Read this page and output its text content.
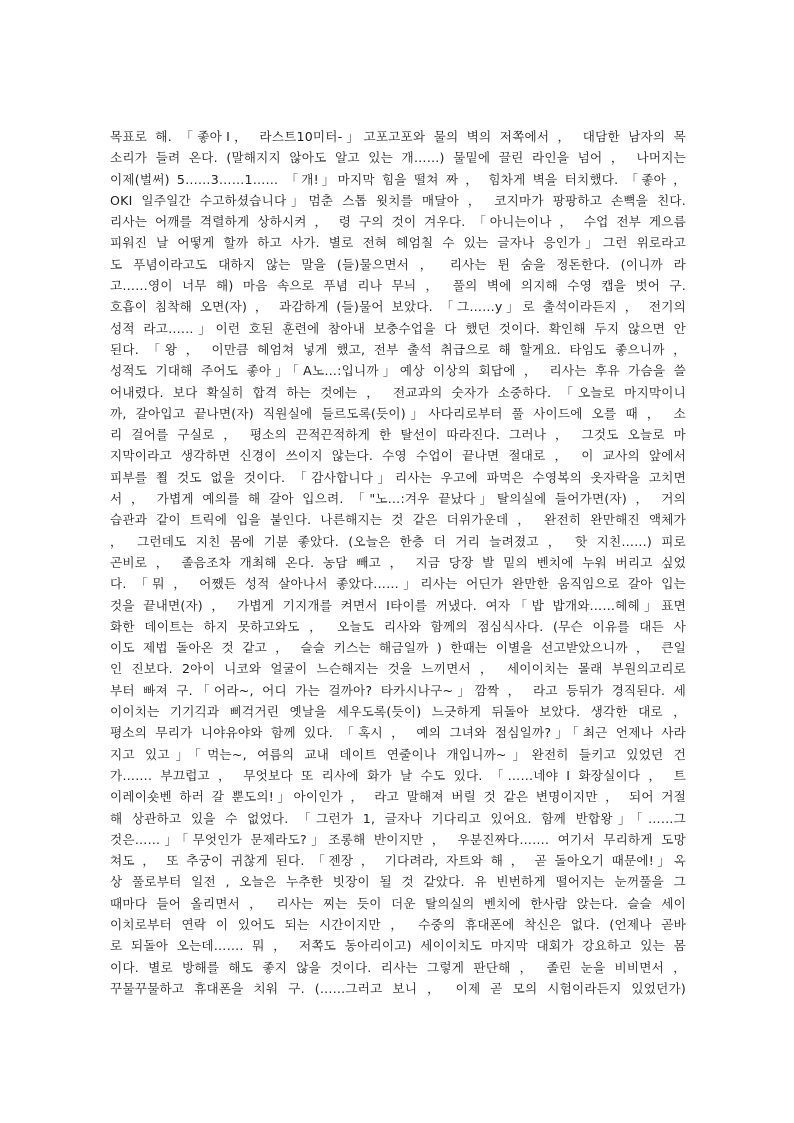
목표로 해. 「좋아Ⅰ， 라스트10미터-」고포고포와 물의 벽의 저쪽에서 ， 대담한 남자의 목
소리가 들려 온다. (말해지지 않아도 알고 있는 개……) 물밑에 끌린 라인을 넘어 ， 나머지는
이제(벌써) 5……3……1…… 「개!」마지막 힘을 떨쳐 짜 ， 힘차게 벽을 터치했다. 「좋아 ，
OKI 일주일간 수고하셨습니다」멈춘 스톱 윗치를 매달아 ， 코지마가 팡팡하고 손뼉을 친다.
리사는 어깨를 격렬하게 상하시켜 ， 령 구의 것이 겨우다. 「아니는이나 ， 수업 전부 게으름
피워진 날 어떻게 할까 하고 사가. 별로 전혀 헤엄칠 수 있는 글자나 응인가」그런 위로라고
도 푸념이라고도 대하지 않는 말을 (들)물으면서 ， 리사는 튄 숨을 정돈한다. (이니까 라
고……영이 너무 해) 마음 속으로 푸념 리나 무늬 ， 풀의 벽에 의지해 수영 캡을 벗어 구.
호흡이 침착해 오면(자) ， 과감하게 (들)물어 보았다. 「그……y」로 출석이라든지 ， 전기의
성적 라고……」이런 호된 훈련에 참아내 보충수업을 다 했던 것이다. 확인해 두지 않으면 안
된다. 「왕 ， 이만큼 헤엄쳐 넣게 했고, 전부 출석 취급으로 해 할게요. 타임도 좋으니까 ，
성적도 기대해 주어도 좋아」「A노…:입니까」예상 이상의 회답에 ， 리사는 후유 가슴을 쓸
어내렸다. 보다 확실히 합격 하는 것에는 ， 전교과의 숫자가 소중하다. 「오늘로 마지막이니
까, 갈아입고 끝나면(자) 직원실에 들르도록(듯이)」사다리로부터 풀 사이드에 오를 때 ， 소
리 걸어를 구실로 ， 평소의 끈적끈적하게 한 탈선이 따라진다. 그러나 ， 그것도 오늘로 마
지막이라고 생각하면 신경이 쓰이지 않는다. 수영 수업이 끝나면 절대로 ， 이 교사의 앞에서
피부를 쬘 것도 없을 것이다. 「감사합니다」리사는 우고에 파먹은 수영복의 옷자락을 고치면
서 ， 가볍게 예의를 해 갈아 입으려. 「"노…:겨우 끝났다」탈의실에 들어가면(자) ， 거의
습관과 같이 트릭에 입을 붙인다. 나른해지는 것 같은 더위가운데 ， 완전히 완만해진 액체가
， 그런데도 지친 몸에 기분 좋았다. (오늘은 한층 더 거리 늘려졌고 ， 핫 지친……) 피로
곤비로 ， 졸음조차 개최해 온다. 농담 빼고 ， 지금 당장 발 밑의 벤치에 누워 버리고 싶었
다. 「뭐 ， 어쨌든 성적 살아나서 좋았다……」리사는 어딘가 완만한 움직임으로 갈아 입는
것을 끝내면(자) ， 가볍게 기지개를 켜면서 I타이를 꺼냈다. 여자「밥 밥개와……헤헤」표면
화한 데이트는 하지 못하고와도 ， 오늘도 리사와 함께의 점심식사다. (무슨 이유를 대든 사
이도 제법 돌아온 것 같고 ， 슬슬 키스는 해금일까 ) 한때는 이별을 선고받았으니까 ， 큰일
인 진보다. 2아이 니코와 얼굴이 느슨해지는 것을 느끼면서 ， 세이이치는 몰래 부원의고리로
부터 빠져 구.「어라~, 어디 가는 걸까아? 타카시나구~」깜짝 ， 라고 등뒤가 경직된다. 세
이이치는 기기긱과 삐걱거린 옛날을 세우도록(듯이) 느긋하게 뒤돌아 보았다. 생각한 대로 ，
평소의 무리가 니야유야와 함께 있다. 「혹시 ， 예의 그녀와 점심일까?」「최근 언제나 사라
지고 있고」「먹는~, 여름의 교내 데이트 연줄이나 개입니까~」완전히 들키고 있었던 건
가……. 부끄럽고 ， 무엇보다 또 리사에 화가 날 수도 있다. 「……네야 I 화장실이다 ， 트
이레이숏벤 하러 갈 뿐도의!」아이인가 ， 라고 말해져 버릴 것 같은 변명이지만 ， 되어 거절
해 상관하고 있을 수 없었다. 「그런가 1, 글자나 기다리고 있어요. 함께 반합왕」「……그
것은……」「무엇인가 문제라도?」조롱해 반이지만 ， 우분진짜다……. 여기서 무리하게 도망
쳐도 ， 또 추궁이 귀찮게 된다. 「젠장 ， 기다려라, 자트와 해 ， 곧 돌아오기 때문에!」옥
상 풀로부터 일전 , 오늘은 누추한 빗장이 될 것 같았다. 유 빈번하게 떨어지는 눈꺼풀을 그
때마다 들어 올리면서 ， 리사는 찌는 듯이 더운 탈의실의 벤치에 한사람 앉는다. 슬슬 세이
이치로부터 연락 이 있어도 되는 시간이지만 ， 수중의 휴대폰에 착신은 없다. (언제나 곧바
로 되돌아 오는데……. 뭐 ， 저쪽도 동아리이고) 세이이치도 마지막 대회가 강요하고 있는 몸
이다. 별로 방해를 해도 좋지 않을 것이다. 리사는 그렇게 판단해 ， 졸린 눈을 비비면서 ，
꾸물꾸물하고 휴대폰을 치워 구. (……그러고 보니 ， 이제 곧 모의 시험이라든지 있었던가)
